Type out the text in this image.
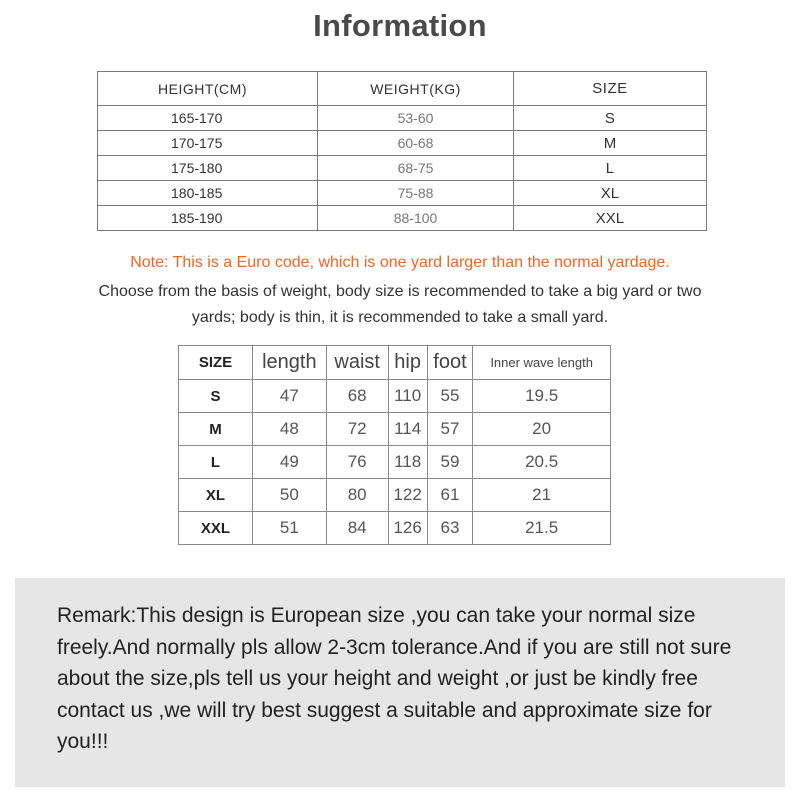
Information
HEIGHT(CM)	WEIGHT(KG)	SIZE
165-170	53-60	S
170-175	60-68	M
175-180	68-75	L
180-185	75-88	XL
185-190	88-100	XXL
Note: This is a Euro code, which is one yard larger than the normal yardage.
Choose from the basis of weight, body size is recommended to take a big yard or two yards; body is thin, it is recommended to take a small yard.
SIZE	length	waist	hip	foot	Inner wave length
S	47	68	110	55	19.5
M	48	72	114	57	20
L	49	76	118	59	20.5
XL	50	80	122	61	21
XXL	51	84	126	63	21.5
Remark:This design is European size ,you can take your normal size freely.And normally pls allow 2-3cm tolerance.And if you are still not sure about the size,pls tell us your height and weight ,or just be kindly free contact us ,we will try best suggest a suitable and approximate size for you!!!
